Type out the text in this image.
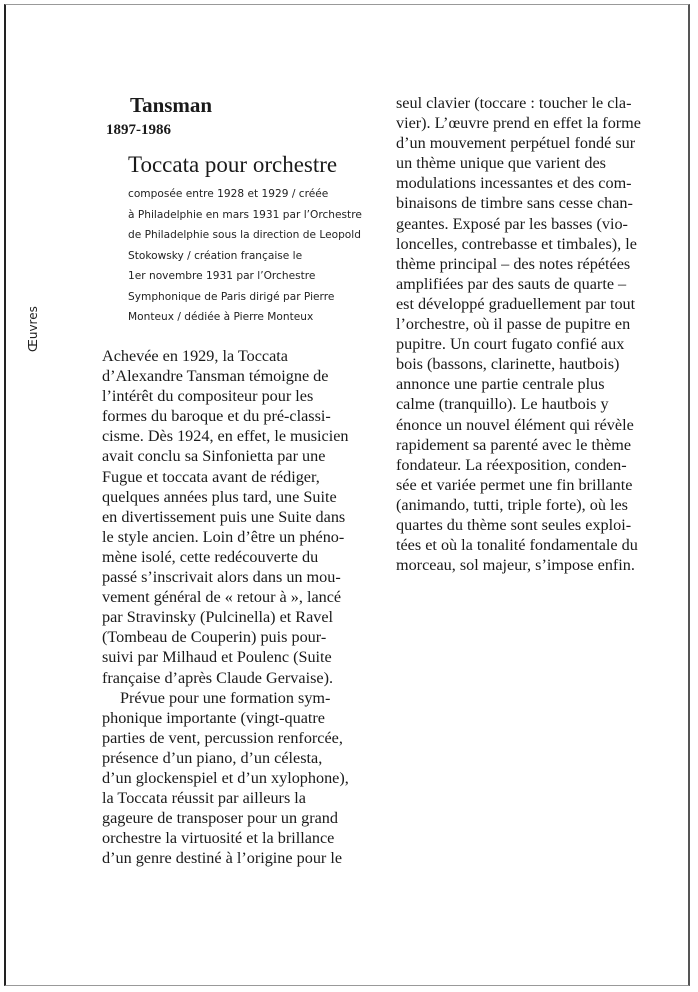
Œuvres
Tansman
1897-1986
Toccata pour orchestre
composée entre 1928 et 1929 / créée
à Philadelphie en mars 1931 par l’Orchestre
de Philadelphie sous la direction de Leopold
Stokowsky / création française le
1er novembre 1931 par l’Orchestre
Symphonique de Paris dirigé par Pierre
Monteux / dédiée à Pierre Monteux
Achevée en 1929, la Toccata
d’Alexandre Tansman témoigne de
l’intérêt du compositeur pour les
formes du baroque et du pré-classi-
cisme. Dès 1924, en effet, le musicien
avait conclu sa Sinfonietta par une
Fugue et toccata avant de rédiger,
quelques années plus tard, une Suite
en divertissement puis une Suite dans
le style ancien. Loin d’être un phéno-
mène isolé, cette redécouverte du
passé s’inscrivait alors dans un mou-
vement général de « retour à », lancé
par Stravinsky (Pulcinella) et Ravel
(Tombeau de Couperin) puis pour-
suivi par Milhaud et Poulenc (Suite
française d’après Claude Gervaise).
Prévue pour une formation sym-
phonique importante (vingt-quatre
parties de vent, percussion renforcée,
présence d’un piano, d’un célesta,
d’un glockenspiel et d’un xylophone),
la Toccata réussit par ailleurs la
gageure de transposer pour un grand
orchestre la virtuosité et la brillance
d’un genre destiné à l’origine pour le
seul clavier (toccare : toucher le cla-
vier). L’œuvre prend en effet la forme
d’un mouvement perpétuel fondé sur
un thème unique que varient des
modulations incessantes et des com-
binaisons de timbre sans cesse chan-
geantes. Exposé par les basses (vio-
loncelles, contrebasse et timbales), le
thème principal – des notes répétées
amplifiées par des sauts de quarte –
est développé graduellement par tout
l’orchestre, où il passe de pupitre en
pupitre. Un court fugato confié aux
bois (bassons, clarinette, hautbois)
annonce une partie centrale plus
calme (tranquillo). Le hautbois y
énonce un nouvel élément qui révèle
rapidement sa parenté avec le thème
fondateur. La réexposition, conden-
sée et variée permet une fin brillante
(animando, tutti, triple forte), où les
quartes du thème sont seules exploi-
tées et où la tonalité fondamentale du
morceau, sol majeur, s’impose enfin.
